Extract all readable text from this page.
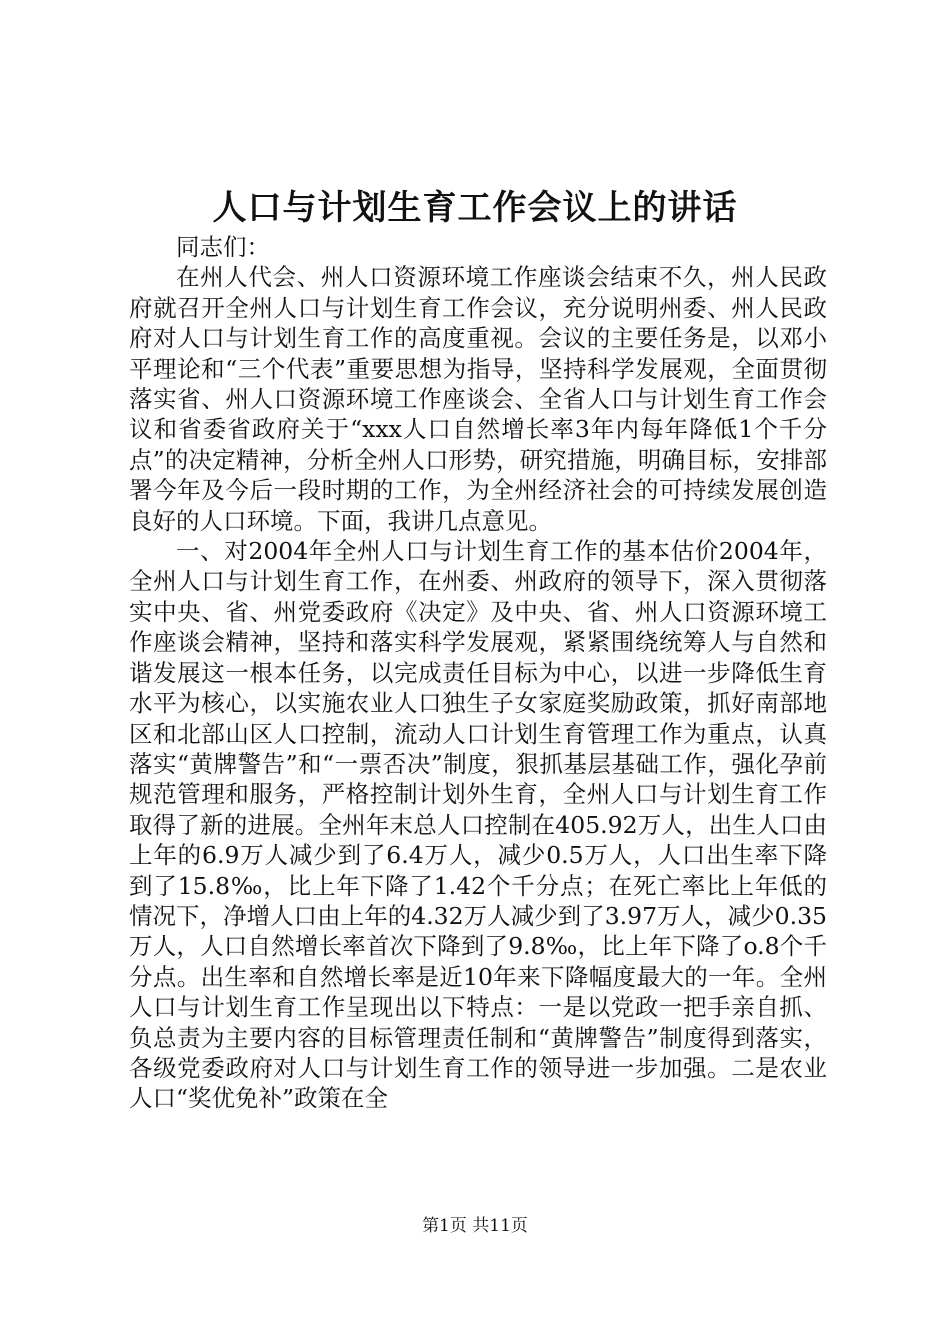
人口与计划生育工作会议上的讲话

同志们：

在州人代会、州人口资源环境工作座谈会结束不久，州人民政府就召开全州人口与计划生育工作会议，充分说明州委、州人民政府对人口与计划生育工作的高度重视。会议的主要任务是，以邓小平理论和“三个代表”重要思想为指导，坚持科学发展观，全面贯彻落实省、州人口资源环境工作座谈会、全省人口与计划生育工作会议和省委省政府关于“xxx人口自然增长率3年内每年降低1个千分点”的决定精神，分析全州人口形势，研究措施，明确目标，安排部署今年及今后一段时期的工作，为全州经济社会的可持续发展创造良好的人口环境。下面，我讲几点意见。

一、对2004年全州人口与计划生育工作的基本估价2004年，全州人口与计划生育工作，在州委、州政府的领导下，深入贯彻落实中央、省、州党委政府《决定》及中央、省、州人口资源环境工作座谈会精神，坚持和落实科学发展观，紧紧围绕统筹人与自然和谐发展这一根本任务，以完成责任目标为中心，以进一步降低生育水平为核心，以实施农业人口独生子女家庭奖励政策，抓好南部地区和北部山区人口控制，流动人口计划生育管理工作为重点，认真落实“黄牌警告”和“一票否决”制度，狠抓基层基础工作，强化孕前规范管理和服务，严格控制计划外生育，全州人口与计划生育工作取得了新的进展。全州年末总人口控制在405.92万人，出生人口由上年的6.9万人减少到了6.4万人，减少0.5万人，人口出生率下降到了15.8‰，比上年下降了1.42个千分点；在死亡率比上年低的情况下，净增人口由上年的4.32万人减少到了3.97万人，减少0.35万人，人口自然增长率首次下降到了9.8‰，比上年下降了o.8个千分点。出生率和自然增长率是近10年来下降幅度最大的一年。全州人口与计划生育工作呈现出以下特点：一是以党政一把手亲自抓、负总责为主要内容的目标管理责任制和“黄牌警告”制度得到落实，各级党委政府对人口与计划生育工作的领导进一步加强。二是农业人口“奖优免补”政策在全

第1页 共11页
